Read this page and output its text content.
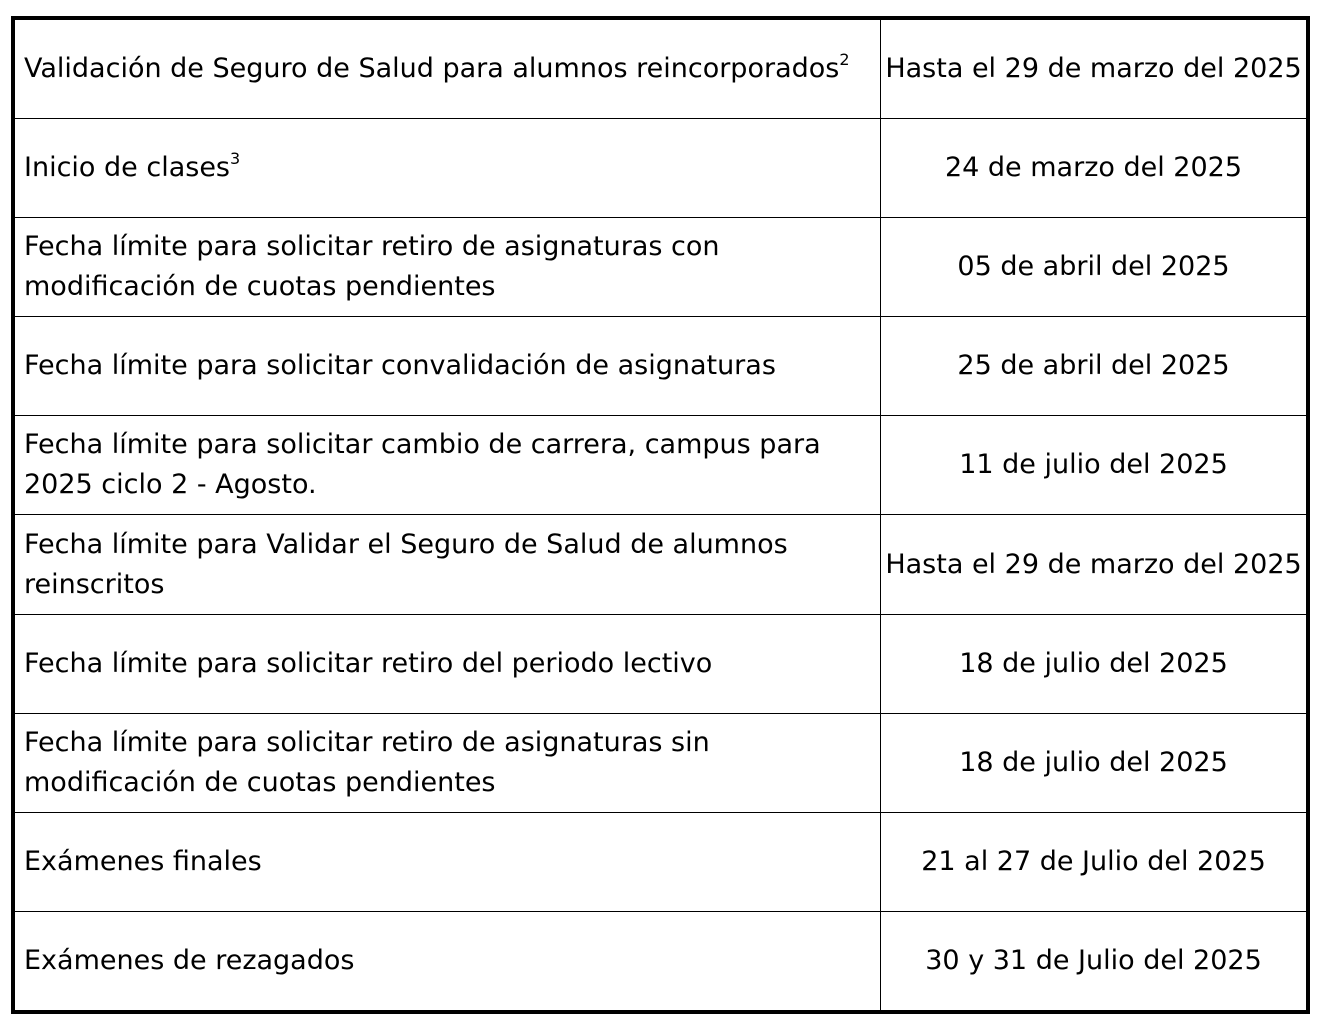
Validación de Seguro de Salud para alumnos reincorporados$^2$	Hasta el 29 de marzo del 2025
Inicio de clases$^3$	24 de marzo del 2025
Fecha límite para solicitar retiro de asignaturas con modificación de cuotas pendientes	05 de abril del 2025
Fecha límite para solicitar convalidación de asignaturas	25 de abril del 2025
Fecha límite para solicitar cambio de carrera, campus para 2025 ciclo 2 - Agosto.	11 de julio del 2025
Fecha límite para Validar el Seguro de Salud de alumnos reinscritos	Hasta el 29 de marzo del 2025
Fecha límite para solicitar retiro del periodo lectivo	18 de julio del 2025
Fecha límite para solicitar retiro de asignaturas sin modificación de cuotas pendientes	18 de julio del 2025
Exámenes finales	21 al 27 de Julio del 2025
Exámenes de rezagados	30 y 31 de Julio del 2025
